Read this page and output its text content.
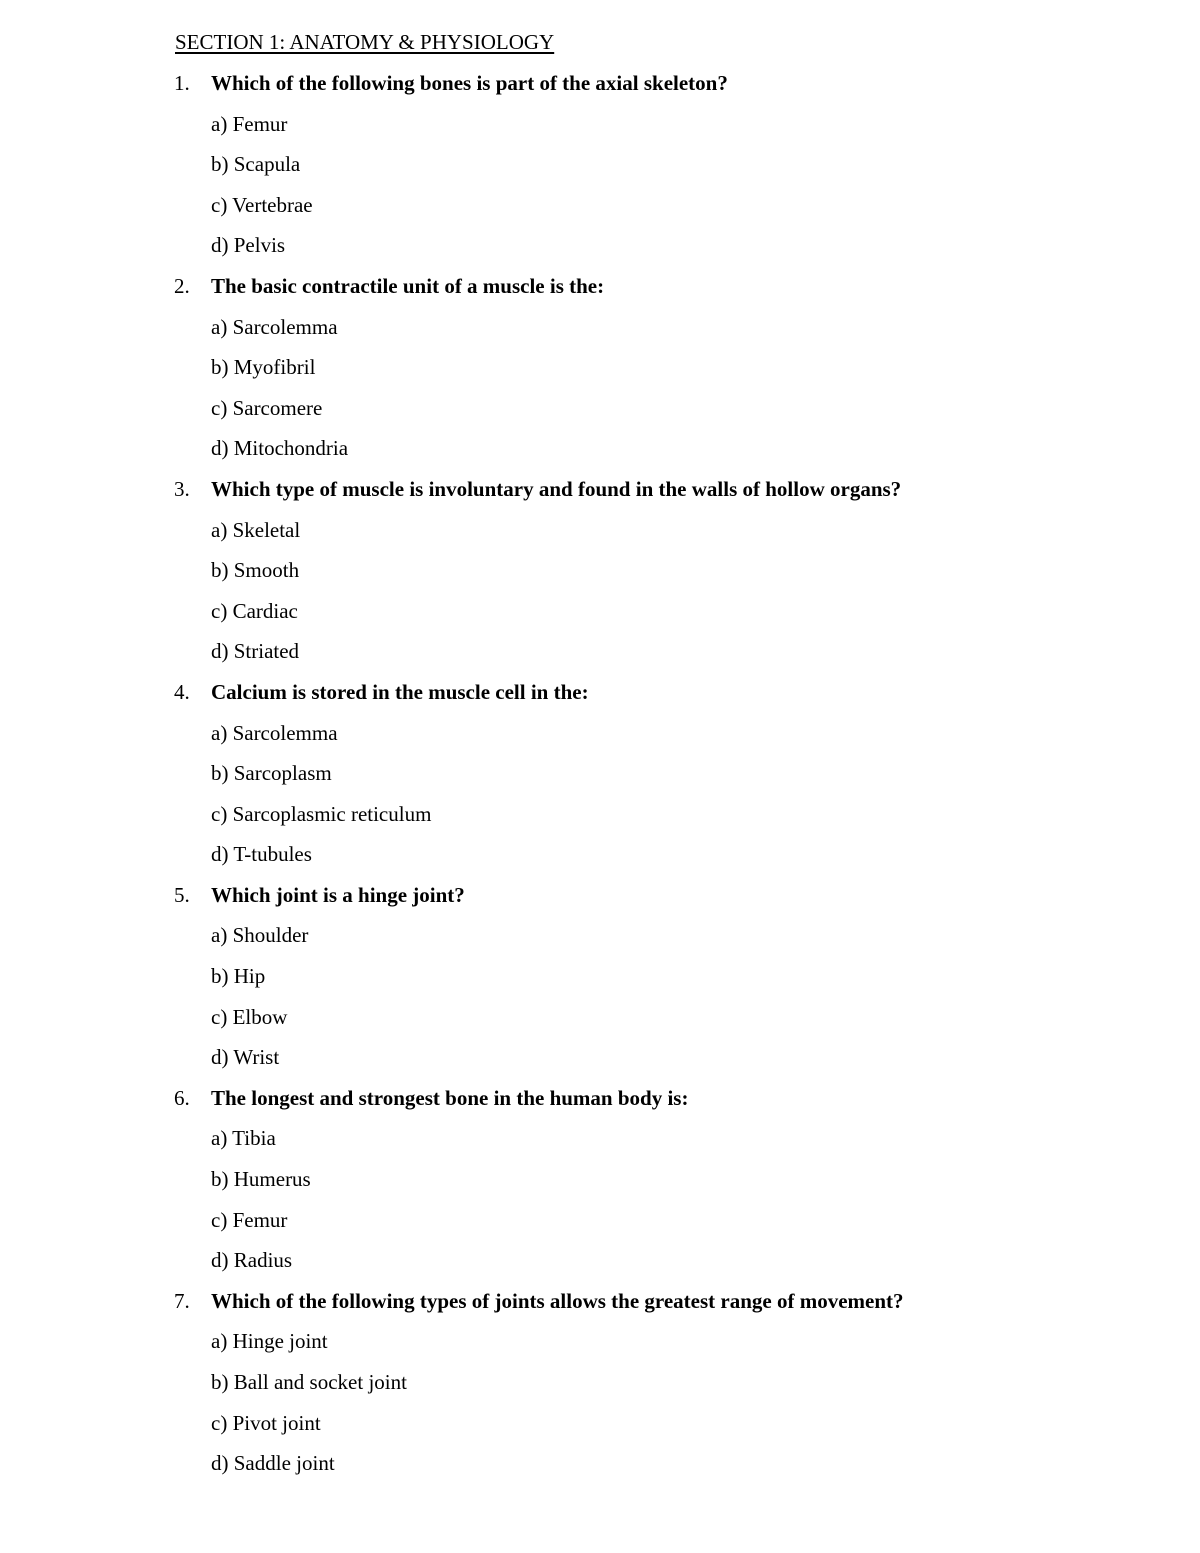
SECTION 1: ANATOMY & PHYSIOLOGY
1. Which of the following bones is part of the axial skeleton?
a) Femur
b) Scapula
c) Vertebrae
d) Pelvis
2. The basic contractile unit of a muscle is the:
a) Sarcolemma
b) Myofibril
c) Sarcomere
d) Mitochondria
3. Which type of muscle is involuntary and found in the walls of hollow organs?
a) Skeletal
b) Smooth
c) Cardiac
d) Striated
4. Calcium is stored in the muscle cell in the:
a) Sarcolemma
b) Sarcoplasm
c) Sarcoplasmic reticulum
d) T-tubules
5. Which joint is a hinge joint?
a) Shoulder
b) Hip
c) Elbow
d) Wrist
6. The longest and strongest bone in the human body is:
a) Tibia
b) Humerus
c) Femur
d) Radius
7. Which of the following types of joints allows the greatest range of movement?
a) Hinge joint
b) Ball and socket joint
c) Pivot joint
d) Saddle joint
